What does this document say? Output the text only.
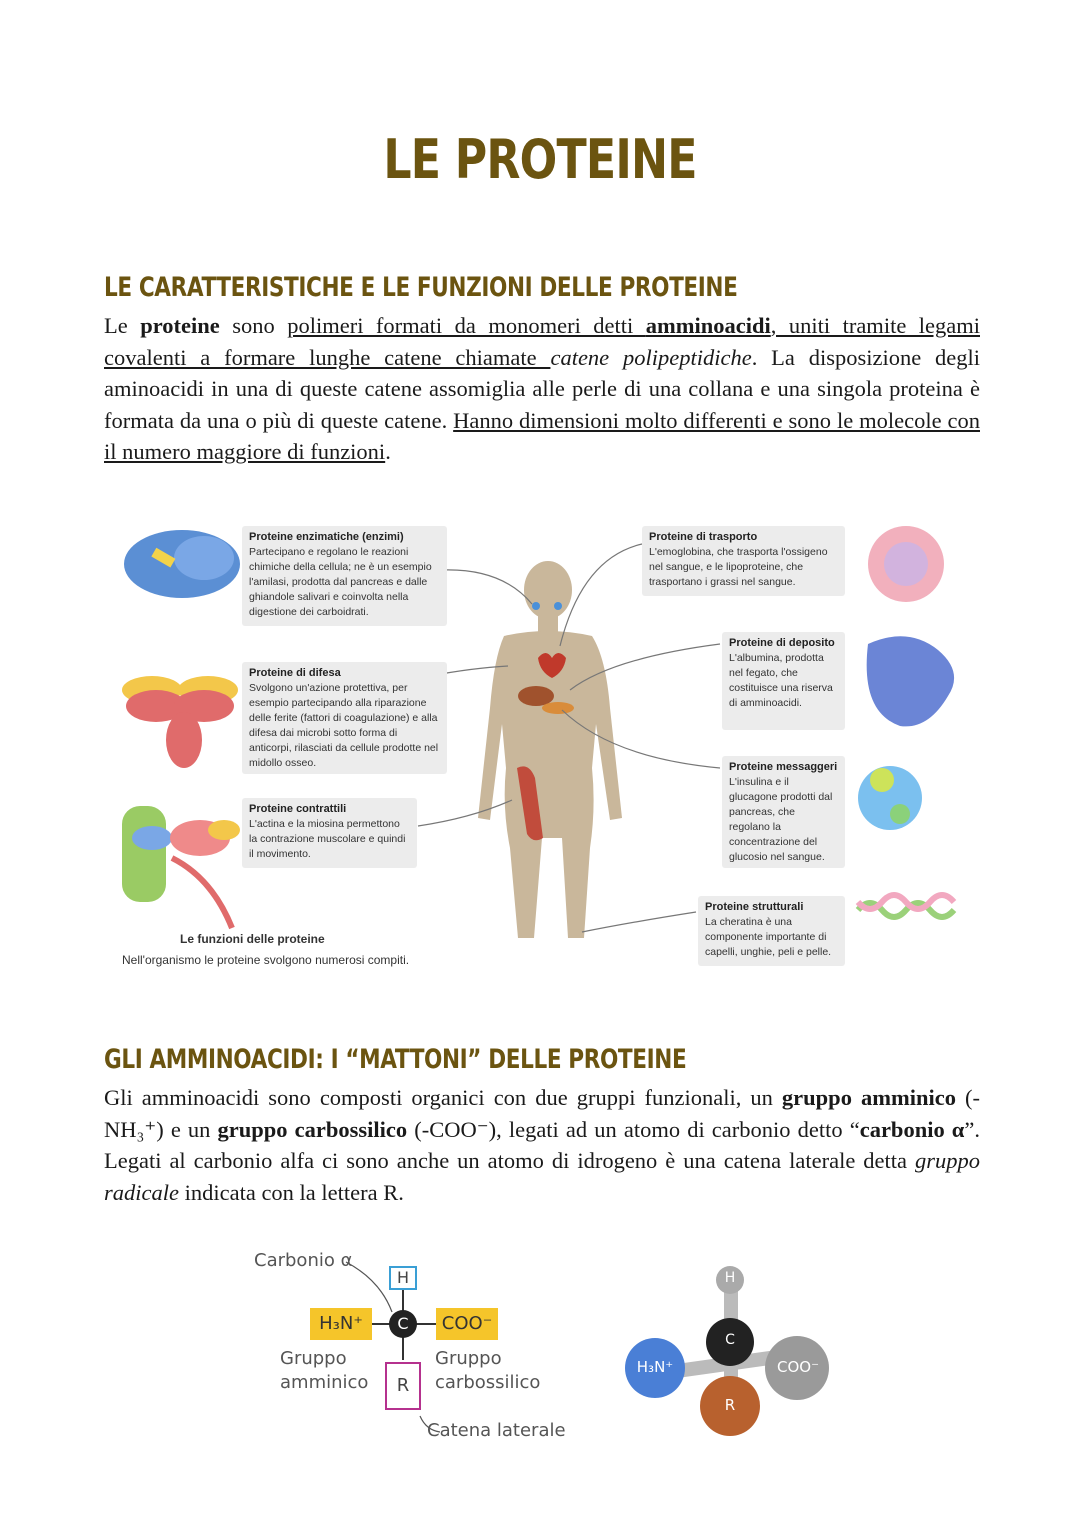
LE PROTEINE
LE CARATTERISTICHE E LE FUNZIONI DELLE PROTEINE
Le proteine sono polimeri formati da monomeri detti amminoacidi, uniti tramite legami covalenti a formare lunghe catene chiamate catene polipeptidiche. La disposizione degli aminoacidi in una di queste catene assomiglia alle perle di una collana e una singola proteina è formata da una o più di queste catene. Hanno dimensioni molto differenti e sono le molecole con il numero maggiore di funzioni.
Proteine enzimatiche (enzimi)
Partecipano e regolano le reazioni chimiche della cellula; ne è un esempio l'amilasi, prodotta dal pancreas e dalle ghiandole salivari e coinvolta nella digestione dei carboidrati.
Proteine di difesa
Svolgono un'azione protettiva, per esempio partecipando alla riparazione delle ferite (fattori di coagulazione) e alla difesa dai microbi sotto forma di anticorpi, rilasciati da cellule prodotte nel midollo osseo.
Proteine contrattili
L'actina e la miosina permettono la contrazione muscolare e quindi il movimento.
Proteine di trasporto
L'emoglobina, che trasporta l'ossigeno nel sangue, e le lipoproteine, che trasportano i grassi nel sangue.
Proteine di deposito
L'albumina, prodotta nel fegato, che costituisce una riserva di amminoacidi.
Proteine messaggeri
L'insulina e il glucagone prodotti dal pancreas, che regolano la concentrazione del glucosio nel sangue.
Proteine strutturali
La cheratina è una componente importante di capelli, unghie, peli e pelle.
Le funzioni delle proteine
Nell'organismo le proteine svolgono numerosi compiti.
GLI AMMINOACIDI: I “MATTONI” DELLE PROTEINE
Gli amminoacidi sono composti organici con due gruppi funzionali, un gruppo amminico (-NH₃⁺) e un gruppo carbossilico (-COO⁻), legati ad un atomo di carbonio detto “carbonio α”. Legati al carbonio alfa ci sono anche un atomo di idrogeno è una catena laterale detta gruppo radicale indicata con la lettera R.
Carbonio α
H
H₃N⁺	C	COO⁻
R
Gruppo
amminico
Gruppo
carbossilico
Catena laterale
H
C
H₃N⁺	COO⁻
R
